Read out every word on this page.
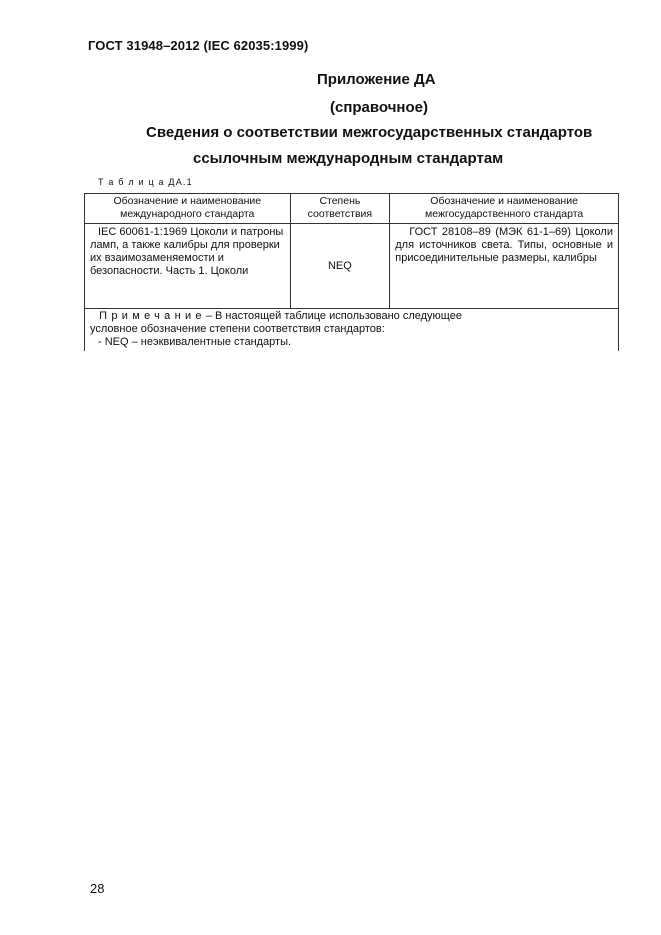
ГОСТ 31948–2012 (IEC 62035:1999)
Приложение ДА
(справочное)
Сведения о соответствии межгосударственных стандартов
ссылочным международным стандартам
Т а б л и ц а ДА.1
Обозначение и наименование международного стандарта	Степень соответствия	Обозначение и наименование межгосударственного стандарта
IEC 60061-1:1969 Цоколи и патроны ламп, а также калибры для проверки их взаимозаменяемости и безопасности. Часть 1. Цоколи	NEQ	ГОСТ 28108–89 (МЭК 61-1–69) Цоколи для источников света. Типы, основные и присоединительные размеры, калибры

Примечание– В настоящей таблице использовано следующее
условное обозначение степени соответствия стандартов:
- NEQ – неэквивалентные стандарты.		
28
